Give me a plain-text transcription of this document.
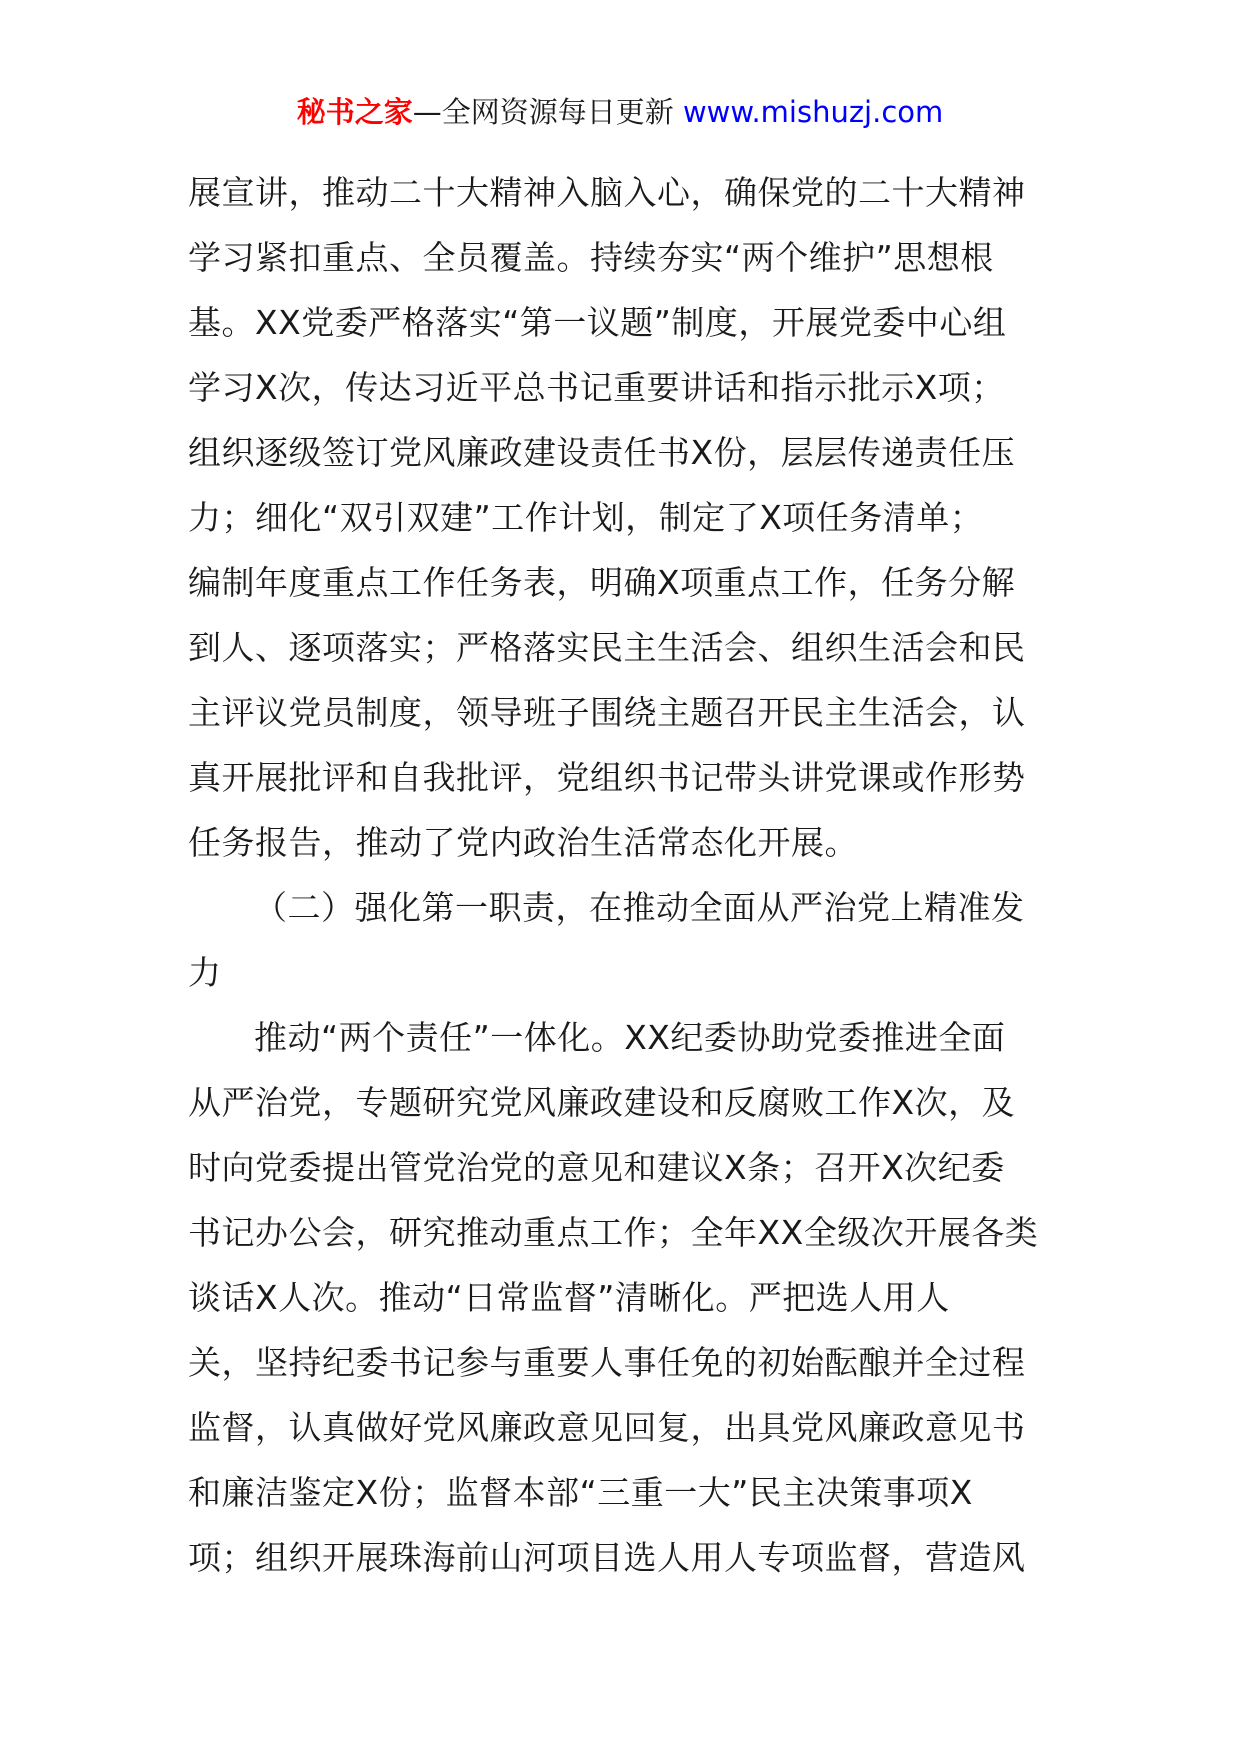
秘书之家—全网资源每日更新 www.mishuzj.com
展宣讲，推动二十大精神入脑入心，确保党的二十大精神
学习紧扣重点、全员覆盖。持续夯实“两个维护”思想根
基。XX党委严格落实“第一议题”制度，开展党委中心组
学习X次，传达习近平总书记重要讲话和指示批示X项；
组织逐级签订党风廉政建设责任书X份，层层传递责任压
力；细化“双引双建”工作计划，制定了X项任务清单；
编制年度重点工作任务表，明确X项重点工作，任务分解
到人、逐项落实；严格落实民主生活会、组织生活会和民
主评议党员制度，领导班子围绕主题召开民主生活会，认
真开展批评和自我批评，党组织书记带头讲党课或作形势
任务报告，推动了党内政治生活常态化开展。
（二）强化第一职责，在推动全面从严治党上精准发
力
推动“两个责任”一体化。XX纪委协助党委推进全面
从严治党，专题研究党风廉政建设和反腐败工作X次，及
时向党委提出管党治党的意见和建议X条；召开X次纪委
书记办公会，研究推动重点工作；全年XX全级次开展各类
谈话X人次。推动“日常监督”清晰化。严把选人用人
关，坚持纪委书记参与重要人事任免的初始酝酿并全过程
监督，认真做好党风廉政意见回复，出具党风廉政意见书
和廉洁鉴定X份；监督本部“三重一大”民主决策事项X
项；组织开展珠海前山河项目选人用人专项监督，营造风
